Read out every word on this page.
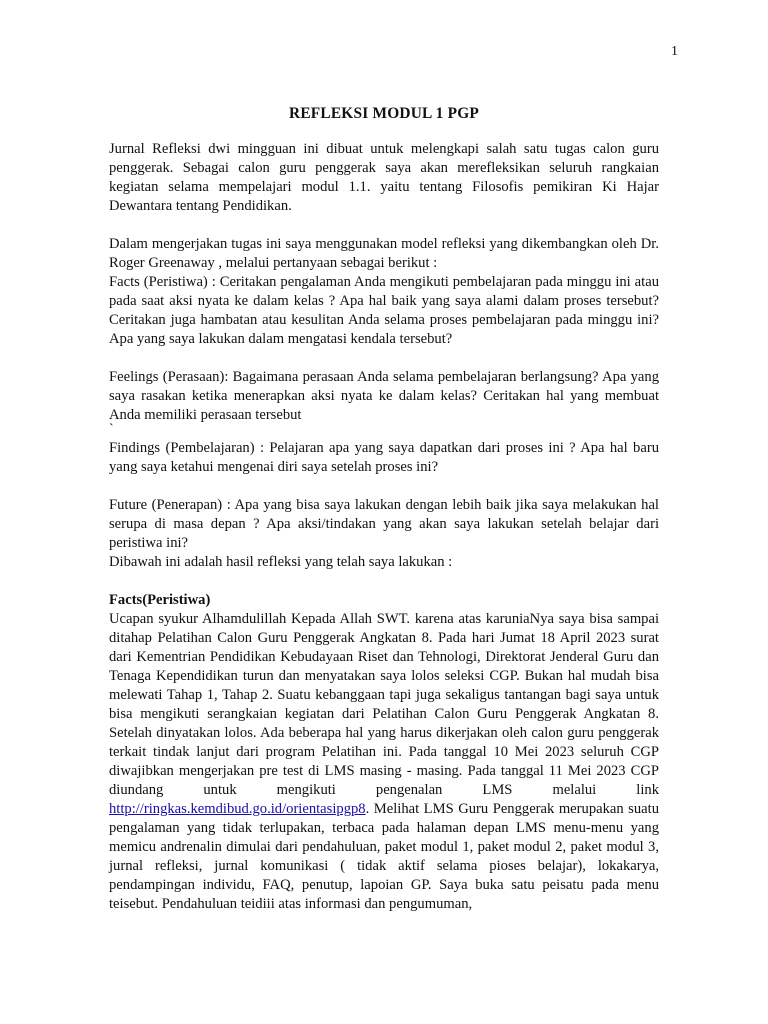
1
REFLEKSI MODUL 1 PGP

Jurnal Refleksi dwi mingguan ini dibuat untuk melengkapi salah satu tugas calon guru penggerak. Sebagai calon guru penggerak saya akan merefleksikan seluruh rangkaian kegiatan selama mempelajari modul 1.1. yaitu tentang Filosofis pemikiran Ki Hajar Dewantara tentang Pendidikan.

Dalam mengerjakan tugas ini saya menggunakan model refleksi yang dikembangkan oleh Dr. Roger Greenaway , melalui pertanyaan sebagai berikut :

Facts (Peristiwa) : Ceritakan pengalaman Anda mengikuti pembelajaran pada minggu ini atau pada saat aksi nyata ke dalam kelas ? Apa hal baik yang saya alami dalam proses tersebut? Ceritakan juga hambatan atau kesulitan Anda selama proses pembelajaran pada minggu ini? Apa yang saya lakukan dalam mengatasi kendala tersebut?

Feelings (Perasaan): Bagaimana perasaan Anda selama pembelajaran berlangsung? Apa yang saya rasakan ketika menerapkan aksi nyata ke dalam kelas? Ceritakan hal yang membuat Anda memiliki perasaan tersebut

`

Findings (Pembelajaran) : Pelajaran apa yang saya dapatkan dari proses ini ? Apa hal baru yang saya ketahui mengenai diri saya setelah proses ini?

Future (Penerapan) : Apa yang bisa saya lakukan dengan lebih baik jika saya melakukan hal serupa di masa depan ? Apa aksi/tindakan yang akan saya lakukan setelah belajar dari peristiwa ini?

Dibawah ini adalah hasil refleksi yang telah saya lakukan :

Facts(Peristiwa)

Ucapan syukur Alhamdulillah Kepada Allah SWT. karena atas karuniaNya saya bisa sampai ditahap Pelatihan Calon Guru Penggerak Angkatan 8. Pada hari Jumat 18 April 2023 surat dari Kementrian Pendidikan Kebudayaan Riset dan Tehnologi, Direktorat Jenderal Guru dan Tenaga Kependidikan turun dan menyatakan saya lolos seleksi CGP. Bukan hal mudah bisa melewati Tahap 1, Tahap 2. Suatu kebanggaan tapi juga sekaligus tantangan bagi saya untuk bisa mengikuti serangkaian kegiatan dari Pelatihan Calon Guru Penggerak Angkatan 8. Setelah dinyatakan lolos. Ada beberapa hal yang harus dikerjakan oleh calon guru penggerak terkait tindak lanjut dari program Pelatihan ini. Pada tanggal 10 Mei 2023 seluruh CGP diwajibkan mengerjakan pre test di LMS masing - masing. Pada tanggal 11 Mei 2023 CGP diundang untuk mengikuti pengenalan LMS melalui link http://ringkas.kemdibud.go.id/orientasipgp8. Melihat LMS Guru Penggerak merupakan suatu pengalaman yang tidak terlupakan, terbaca pada halaman depan LMS menu-menu yang memicu andrenalin dimulai dari pendahuluan, paket modul 1, paket modul 2, paket modul 3, jurnal refleksi, jurnal komunikasi ( tidak aktif selama pioses belajar), lokakarya, pendampingan individu, FAQ, penutup, lapoian GP. Saya buka satu peisatu pada menu teisebut. Pendahuluan teidiii atas informasi dan pengumuman,
